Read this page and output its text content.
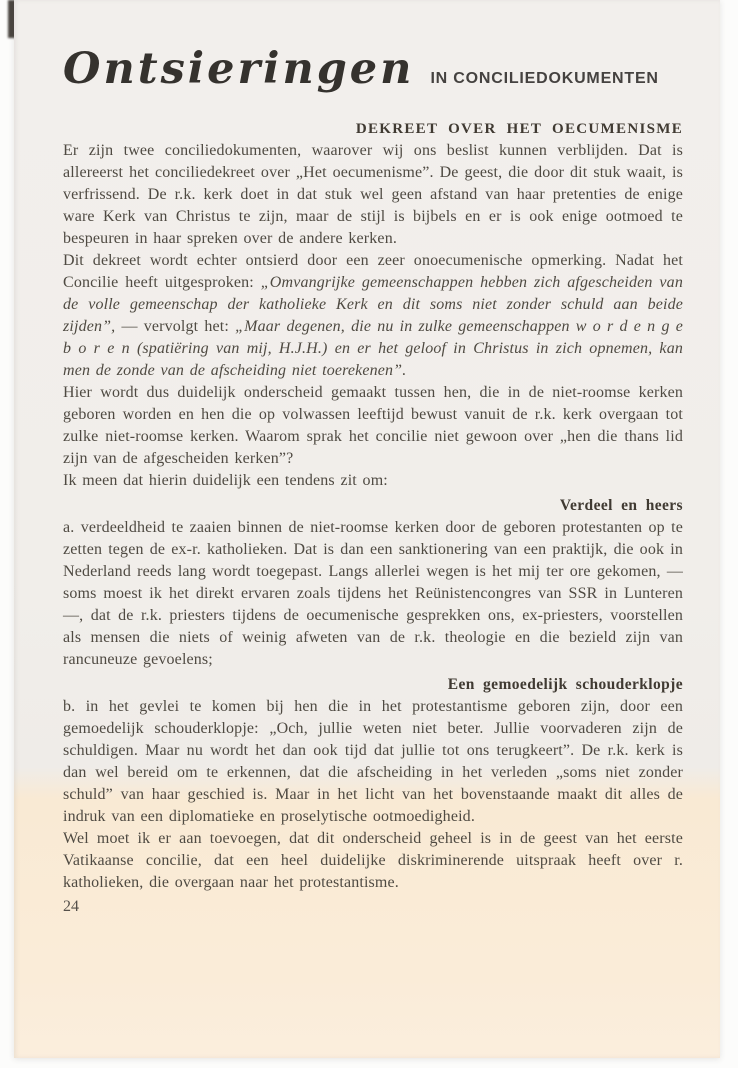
Ontsieringen IN CONCILIEDOKUMENTEN
DEKREET OVER HET OECUMENISME

Er zijn twee conciliedokumenten, waarover wij ons beslist kunnen verblijden. Dat is allereerst het conciliedekreet over „Het oecumenisme”. De geest, die door dit stuk waait, is verfrissend. De r.k. kerk doet in dat stuk wel geen afstand van haar pretenties de enige ware Kerk van Christus te zijn, maar de stijl is bijbels en er is ook enige ootmoed te bespeuren in haar spreken over de andere kerken.

Dit dekreet wordt echter ontsierd door een zeer onoecumenische opmerking. Nadat het Concilie heeft uitgesproken: „Omvangrijke gemeenschappen hebben zich afgescheiden van de volle gemeenschap der katholieke Kerk en dit soms niet zonder schuld aan beide zijden”, — vervolgt het: „Maar degenen, die nu in zulke gemeenschappen w o r d e n g e b o r e n (spatiëring van mij, H.J.H.) en er het geloof in Christus in zich opnemen, kan men de zonde van de afscheiding niet toerekenen”.

Hier wordt dus duidelijk onderscheid gemaakt tussen hen, die in de niet-roomse kerken geboren worden en hen die op volwassen leeftijd bewust vanuit de r.k. kerk overgaan tot zulke niet-roomse kerken. Waarom sprak het concilie niet gewoon over „hen die thans lid zijn van de afgescheiden kerken”?

Ik meen dat hierin duidelijk een tendens zit om:

Verdeel en heers

a. verdeeldheid te zaaien binnen de niet-roomse kerken door de geboren protestanten op te zetten tegen de ex-r. katholieken. Dat is dan een sanktionering van een praktijk, die ook in Nederland reeds lang wordt toegepast. Langs allerlei wegen is het mij ter ore gekomen, — soms moest ik het direkt ervaren zoals tijdens het Reünistencongres van SSR in Lunteren —, dat de r.k. priesters tijdens de oecumenische gesprekken ons, ex-priesters, voorstellen als mensen die niets of weinig afweten van de r.k. theologie en die bezield zijn van rancuneuze gevoelens;

Een gemoedelijk schouderklopje

b. in het gevlei te komen bij hen die in het protestantisme geboren zijn, door een gemoedelijk schouderklopje: „Och, jullie weten niet beter. Jullie voorvaderen zijn de schuldigen. Maar nu wordt het dan ook tijd dat jullie tot ons terugkeert”. De r.k. kerk is dan wel bereid om te erkennen, dat die afscheiding in het verleden „soms niet zonder schuld” van haar geschied is. Maar in het licht van het bovenstaande maakt dit alles de indruk van een diplomatieke en proselytische ootmoedigheid.

Wel moet ik er aan toevoegen, dat dit onderscheid geheel is in de geest van het eerste Vatikaanse concilie, dat een heel duidelijke diskriminerende uitspraak heeft over r. katholieken, die overgaan naar het protestantisme.

24
